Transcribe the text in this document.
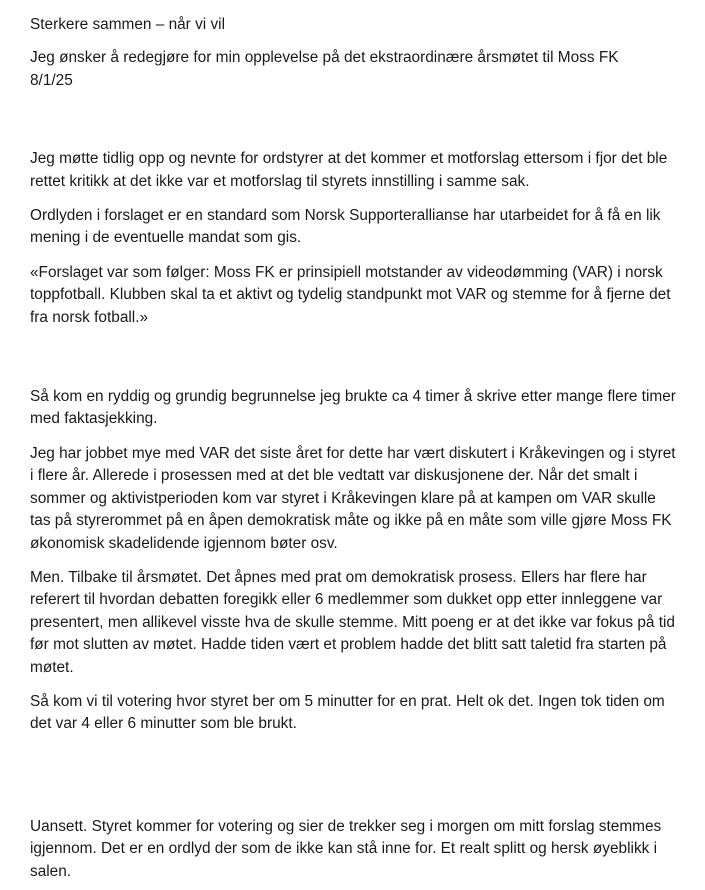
Sterkere sammen – når vi vil

Jeg ønsker å redegjøre for min opplevelse på det ekstraordinære årsmøtet til Moss FK
8/1/25

Jeg møtte tidlig opp og nevnte for ordstyrer at det kommer et motforslag ettersom i fjor det ble rettet kritikk at det ikke var et motforslag til styrets innstilling i samme sak.

Ordlyden i forslaget er en standard som Norsk Supporterallianse har utarbeidet for å få en lik mening i de eventuelle mandat som gis.

«Forslaget var som følger: Moss FK er prinsipiell motstander av videodømming (VAR) i norsk toppfotball. Klubben skal ta et aktivt og tydelig standpunkt mot VAR og stemme for å fjerne det fra norsk fotball.»

Så kom en ryddig og grundig begrunnelse jeg brukte ca 4 timer å skrive etter mange flere timer med faktasjekking.

Jeg har jobbet mye med VAR det siste året for dette har vært diskutert i Kråkevingen og i styret i flere år. Allerede i prosessen med at det ble vedtatt var diskusjonene der. Når det smalt i sommer og aktivistperioden kom var styret i Kråkevingen klare på at kampen om VAR skulle tas på styrerommet på en åpen demokratisk måte og ikke på en måte som ville gjøre Moss FK økonomisk skadelidende igjennom bøter osv.

Men. Tilbake til årsmøtet. Det åpnes med prat om demokratisk prosess. Ellers har flere har referert til hvordan debatten foregikk eller 6 medlemmer som dukket opp etter innleggene var presentert, men allikevel visste hva de skulle stemme. Mitt poeng er at det ikke var fokus på tid før mot slutten av møtet. Hadde tiden vært et problem hadde det blitt satt taletid fra starten på møtet.

Så kom vi til votering hvor styret ber om 5 minutter for en prat. Helt ok det. Ingen tok tiden om det var 4 eller 6 minutter som ble brukt.

Uansett. Styret kommer for votering og sier de trekker seg i morgen om mitt forslag stemmes igjennom. Det er en ordlyd der som de ikke kan stå inne for. Et realt splitt og hersk øyeblikk i salen.
